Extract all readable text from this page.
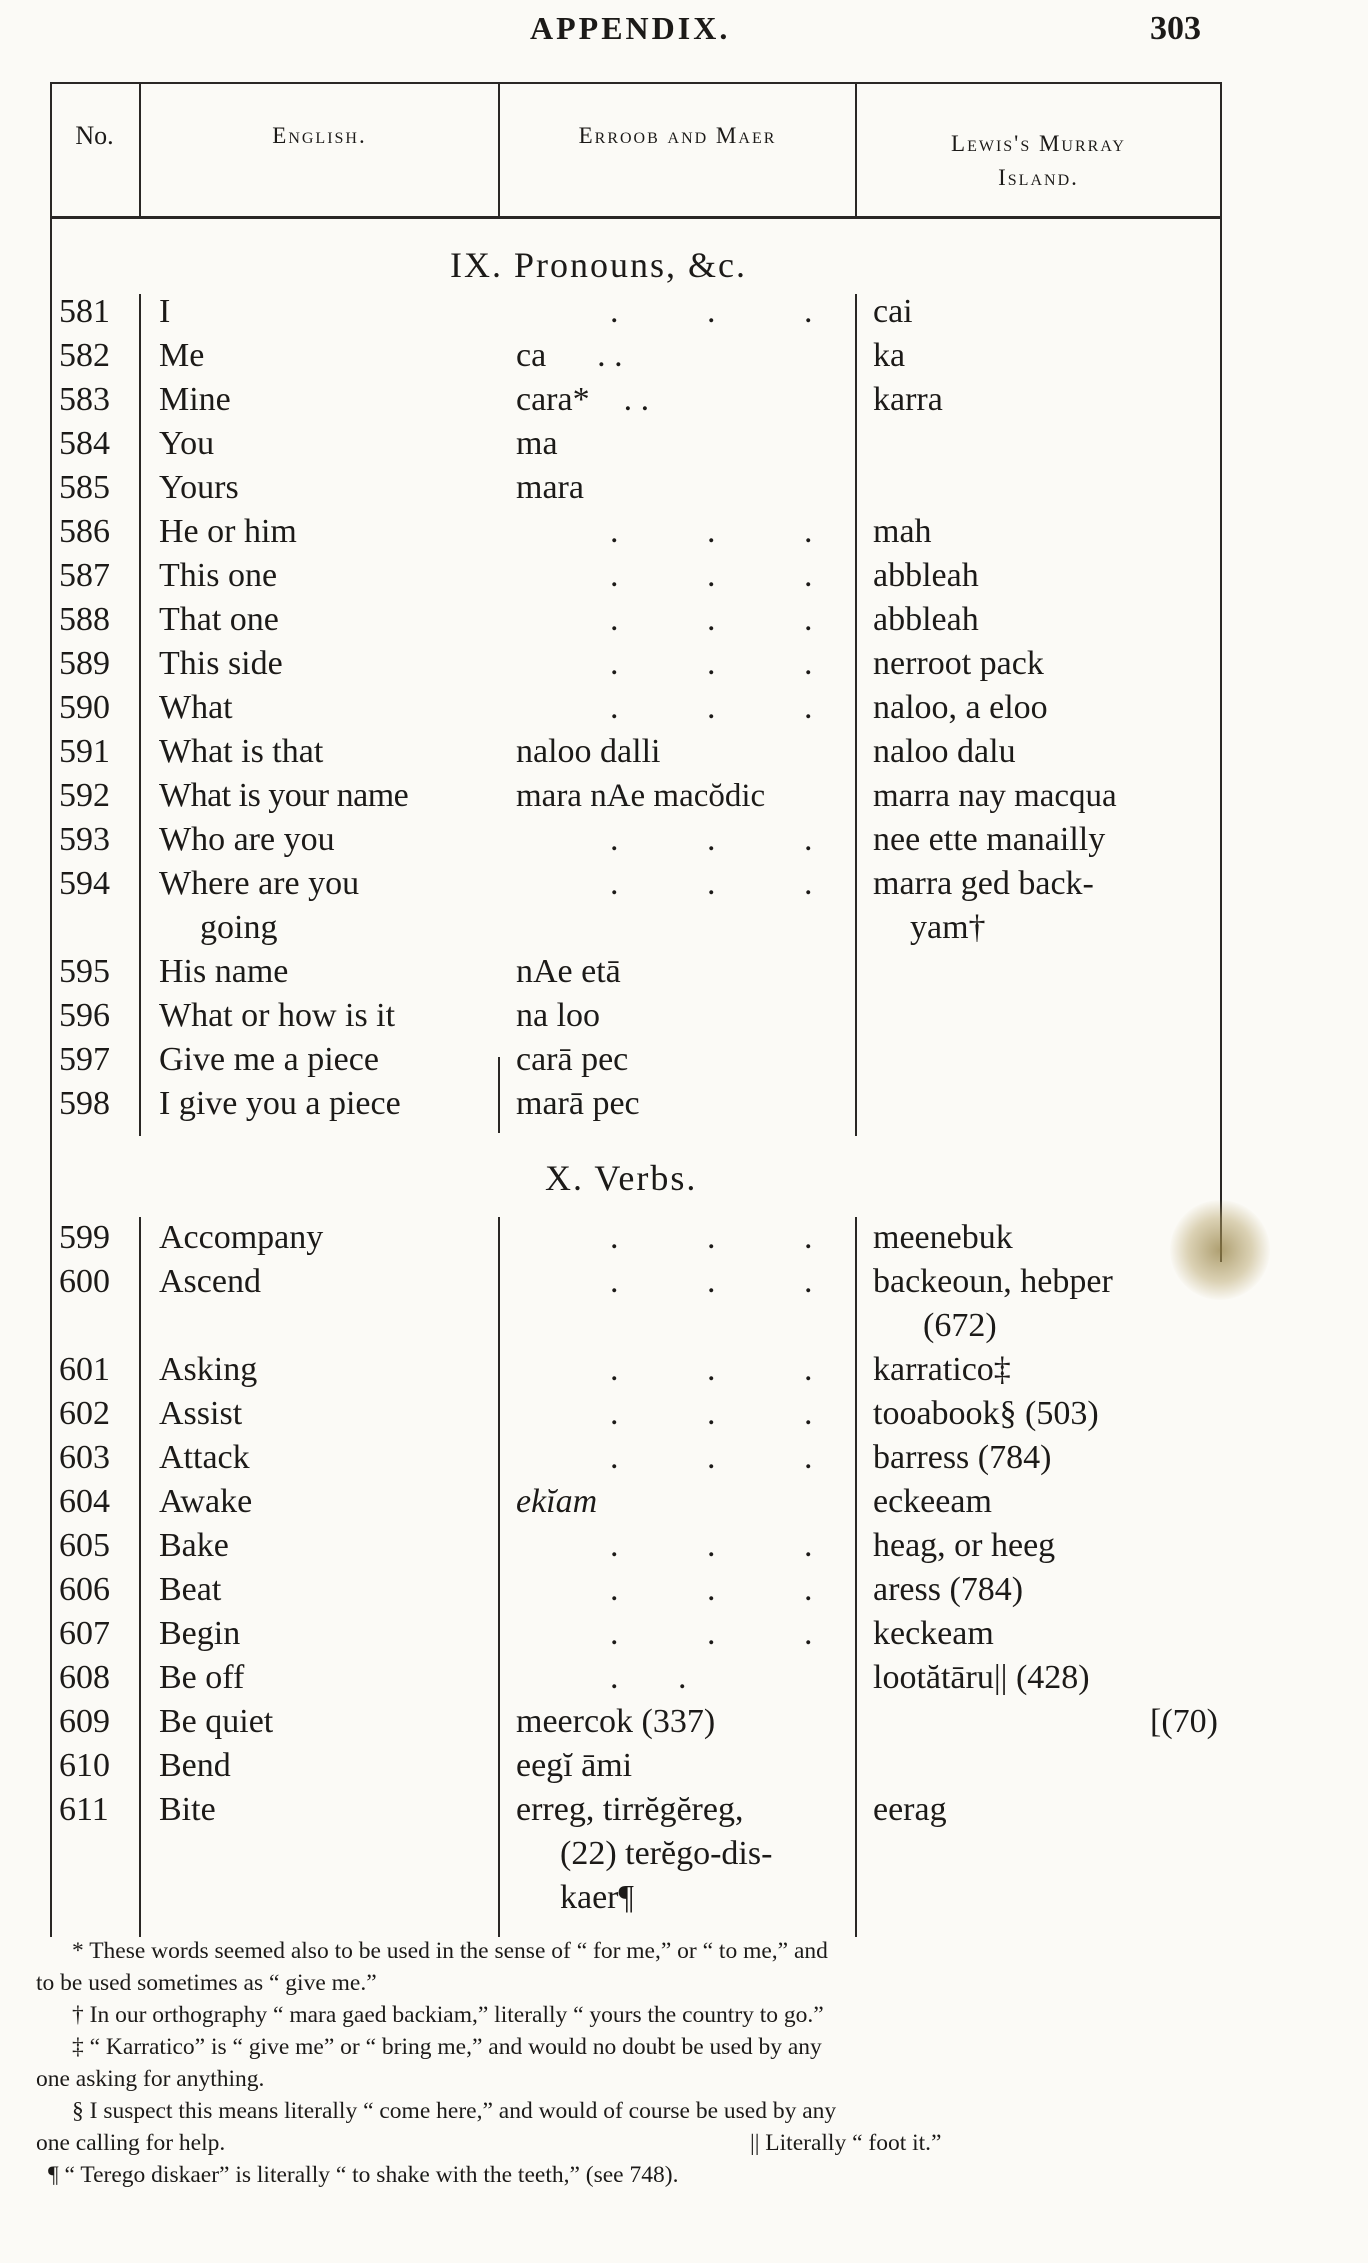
APPENDIX.	303
No.	English.	Erroob and Maer	Lewis's Murray
Island.
IX. Pronouns, &c.
X. Verbs.
581 I	. . . cai
582 Me	ca      . .	ka
583 Mine	cara*    . .	karra
584 You	ma
585 Yours	mara
586 He or him	. . . mah
587 This one	. . . abbleah
588 That one	. . . abbleah
589 This side	. . . nerroot pack
590 What	. . . naloo, a eloo
591 What is that	naloo dalli	naloo dalu
592 What is your name	mara nAe macŏdic	marra nay macqua
593 Who are you	. . . nee ette manailly
594 Where are you	. . . marra ged back-
going	yam†
595 His name	nAe etā
596 What or how is it	na loo
597 Give me a piece	carā pec
598 I give you a piece	marā pec
599 Accompany	. . . meenebuk
600 Ascend	. . . backeoun, hebper
(672)
601 Asking	. . . karratico‡
602 Assist	. . . tooabook§ (503)
603 Attack	. . . barress (784)
604 Awake	ekĭam	eckeeam
605 Bake	. . . heag, or heeg
606 Beat	. . . aress (784)
607 Begin	. . . keckeam
608 Be off	.       .	lootătāru|| (428)
609 Be quiet	meercok (337)	[(70)
610 Bend	eegĭ āmi
611 Bite	erreg, tirrĕgĕreg,	eerag
(22) terĕgo-dis-
kaer¶
* These words seemed also to be used in the sense of “ for me,” or “ to me,” and
to be used sometimes as “ give me.”
† In our orthography “ mara gaed backiam,” literally “ yours the country to go.”
‡ “ Karratico” is “ give me” or “ bring me,” and would no doubt be used by any
one asking for anything.
§ I suspect this means literally “ come here,” and would of course be used by any
one calling for help.	|| Literally “ foot it.”
¶ “ Terego diskaer” is literally “ to shake with the teeth,” (see 748).
